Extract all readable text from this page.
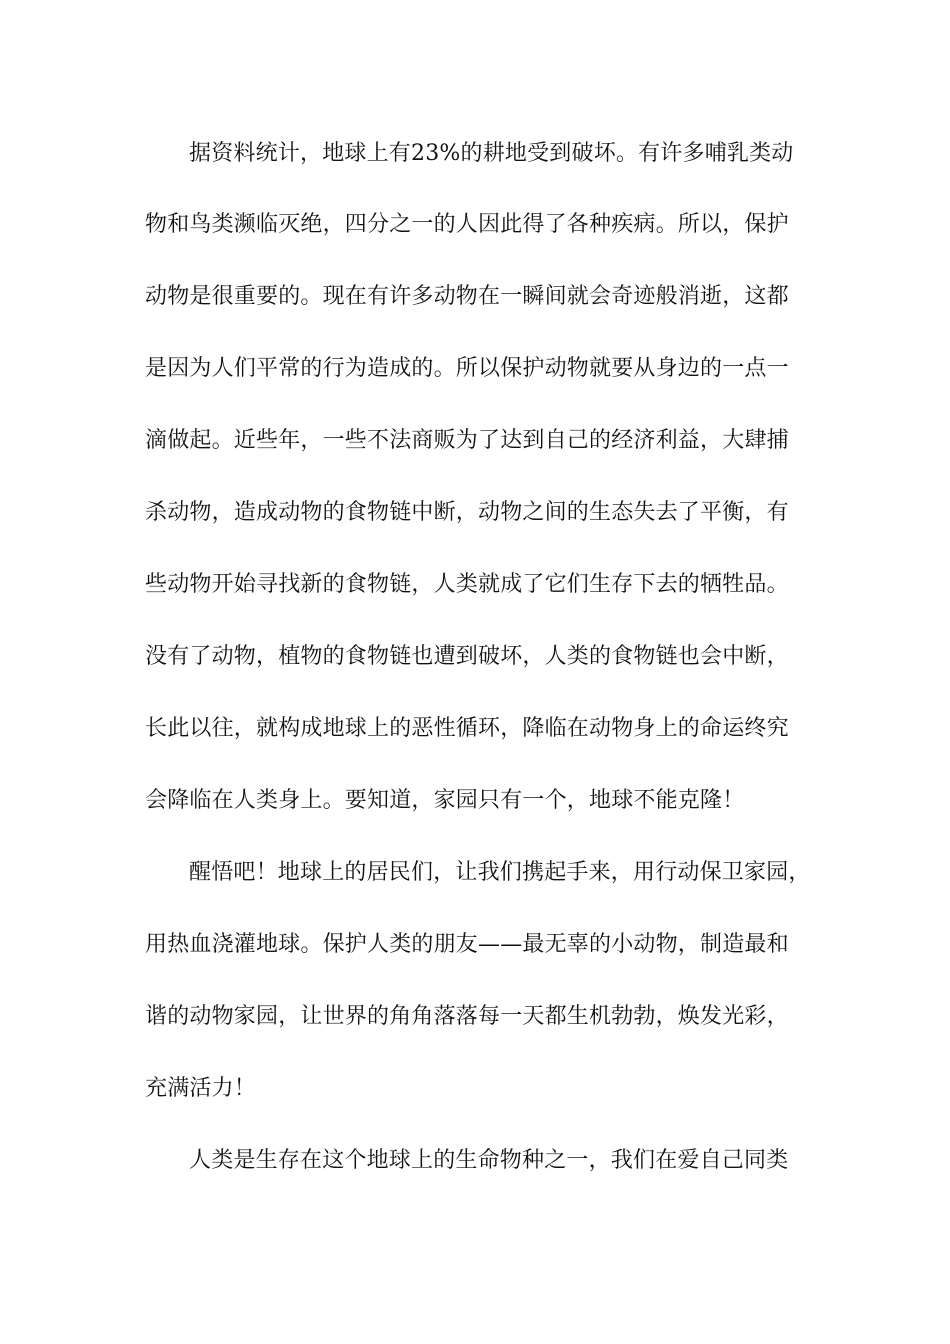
据资料统计，地球上有23%的耕地受到破坏。有许多哺乳类动
物和鸟类濒临灭绝，四分之一的人因此得了各种疾病。所以，保护
动物是很重要的。现在有许多动物在一瞬间就会奇迹般消逝，这都
是因为人们平常的行为造成的。所以保护动物就要从身边的一点一
滴做起。近些年，一些不法商贩为了达到自己的经济利益，大肆捕
杀动物，造成动物的食物链中断，动物之间的生态失去了平衡，有
些动物开始寻找新的食物链，人类就成了它们生存下去的牺牲品。
没有了动物，植物的食物链也遭到破坏，人类的食物链也会中断，
长此以往，就构成地球上的恶性循环，降临在动物身上的命运终究
会降临在人类身上。要知道，家园只有一个，地球不能克隆！
醒悟吧！地球上的居民们，让我们携起手来，用行动保卫家园，
用热血浇灌地球。保护人类的朋友——最无辜的小动物，制造最和
谐的动物家园，让世界的角角落落每一天都生机勃勃，焕发光彩，
充满活力！
人类是生存在这个地球上的生命物种之一，我们在爱自己同类
